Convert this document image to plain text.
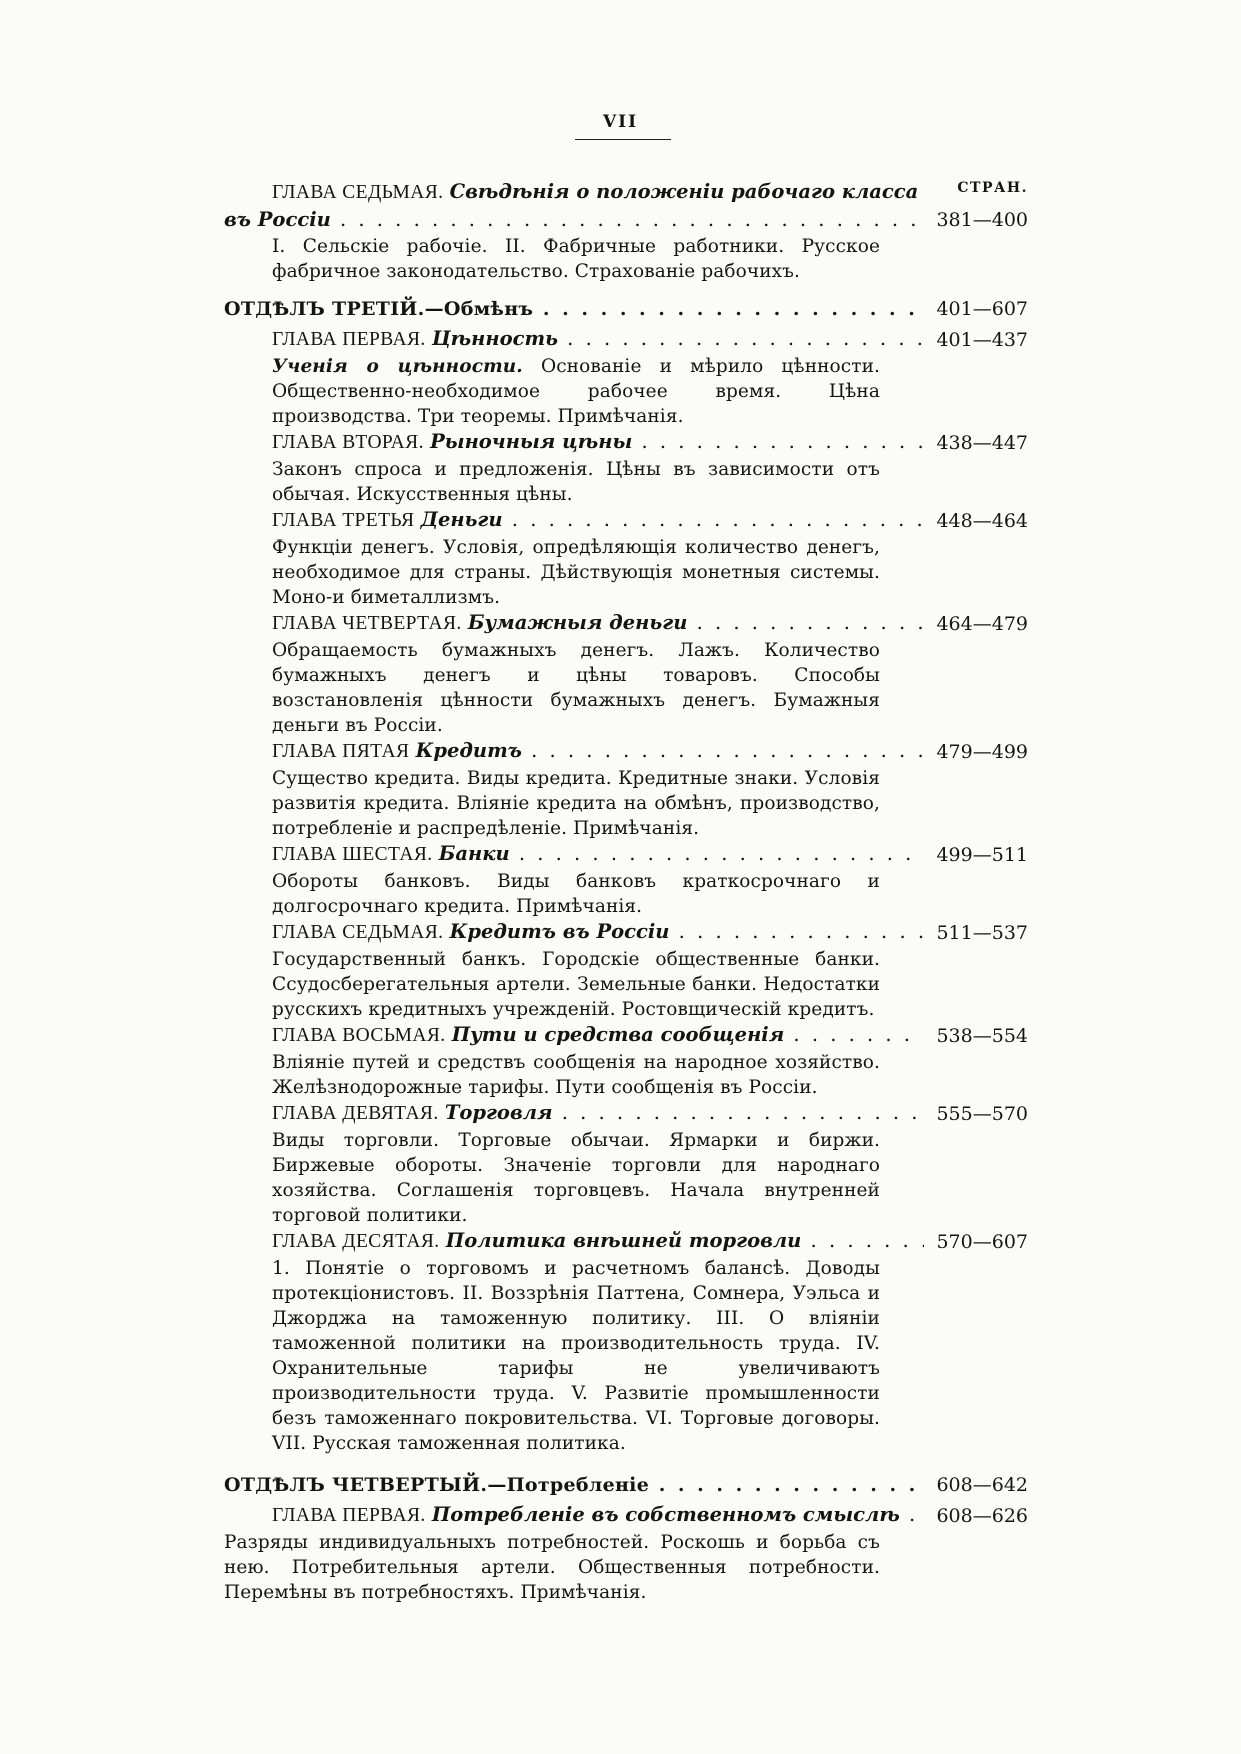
VII
СТРАН.
ГЛАВА СЕДЬМАЯ. Свѣдѣнія о положеніи рабочаго класса
въ Россіи . . .	381—400
I. Сельскіе рабочіе. II. Фабричные работники. Русское фабричное законодательство. Страхованіе рабочихъ.
ОТДѢЛЪ ТРЕТІЙ.—Обмѣнъ . . .	401—607
ГЛАВА ПЕРВАЯ. Цѣнность . . .	401—437
Ученія о цѣнности. Основаніе и мѣрило цѣнности. Общественно-необходимое рабочее время. Цѣна производства. Три теоремы. Примѣчанія.
ГЛАВА ВТОРАЯ. Рыночныя цѣны . . .	438—447
Законъ спроса и предложенія. Цѣны въ зависимости отъ обычая. Искусственныя цѣны.
ГЛАВА ТРЕТЬЯ Деньги . . .	448—464
Функціи денегъ. Условія, опредѣляющія количество денегъ, необходимое для страны. Дѣйствующія монетныя системы. Моно-и биметаллизмъ.
ГЛАВА ЧЕТВЕРТАЯ. Бумажныя деньги . . .	464—479
Обращаемость бумажныхъ денегъ. Лажъ. Количество бумажныхъ денегъ и цѣны товаровъ. Способы возстановленія цѣнности бумажныхъ денегъ. Бумажныя деньги въ Россіи.
ГЛАВА ПЯТАЯ Кредитъ . . .	479—499
Существо кредита. Виды кредита. Кредитные знаки. Условія развитія кредита. Вліяніе кредита на обмѣнъ, производство, потребленіе и распредѣленіе. Примѣчанія.
ГЛАВА ШЕСТАЯ. Банки . . .	499—511
Обороты банковъ. Виды банковъ краткосрочнаго и долгосрочнаго кредита. Примѣчанія.
ГЛАВА СЕДЬМАЯ. Кредитъ въ Россіи . . .	511—537
Государственный банкъ. Городскіе общественные банки. Ссудосберегательныя артели. Земельные банки. Недостатки русскихъ кредитныхъ учрежденій. Ростовщическій кредитъ.
ГЛАВА ВОСЬМАЯ. Пути и средства сообщенія . . .	538—554
Вліяніе путей и средствъ сообщенія на народное хозяйство. Желѣзнодорожные тарифы. Пути сообщенія въ Россіи.
ГЛАВА ДЕВЯТАЯ. Торговля . . .	555—570
Виды торговли. Торговые обычаи. Ярмарки и биржи. Биржевые обороты. Значеніе торговли для народнаго хозяйства. Соглашенія торговцевъ. Начала внутренней торговой политики.
ГЛАВА ДЕСЯТАЯ. Политика внѣшней торговли . . .	570—607
1. Понятіе о торговомъ и расчетномъ балансѣ. Доводы протекціонистовъ. II. Воззрѣнія Паттена, Сомнера, Уэльса и Джорджа на таможенную политику. III. О вліяніи таможенной политики на производительность труда. IV. Охранительные тарифы не увеличиваютъ производительности труда. V. Развитіе промышленности безъ таможеннаго покровительства. VI. Торговые договоры. VII. Русская таможенная политика.
ОТДѢЛЪ ЧЕТВЕРТЫЙ.—Потребленіе . . .	608—642
ГЛАВА ПЕРВАЯ. Потребленіе въ собственномъ смыслѣ . . .	608—626
Разряды индивидуальныхъ потребностей. Роскошь и борьба съ нею. Потребительныя артели. Общественныя потребности. Перемѣны въ потребностяхъ. Примѣчанія.
